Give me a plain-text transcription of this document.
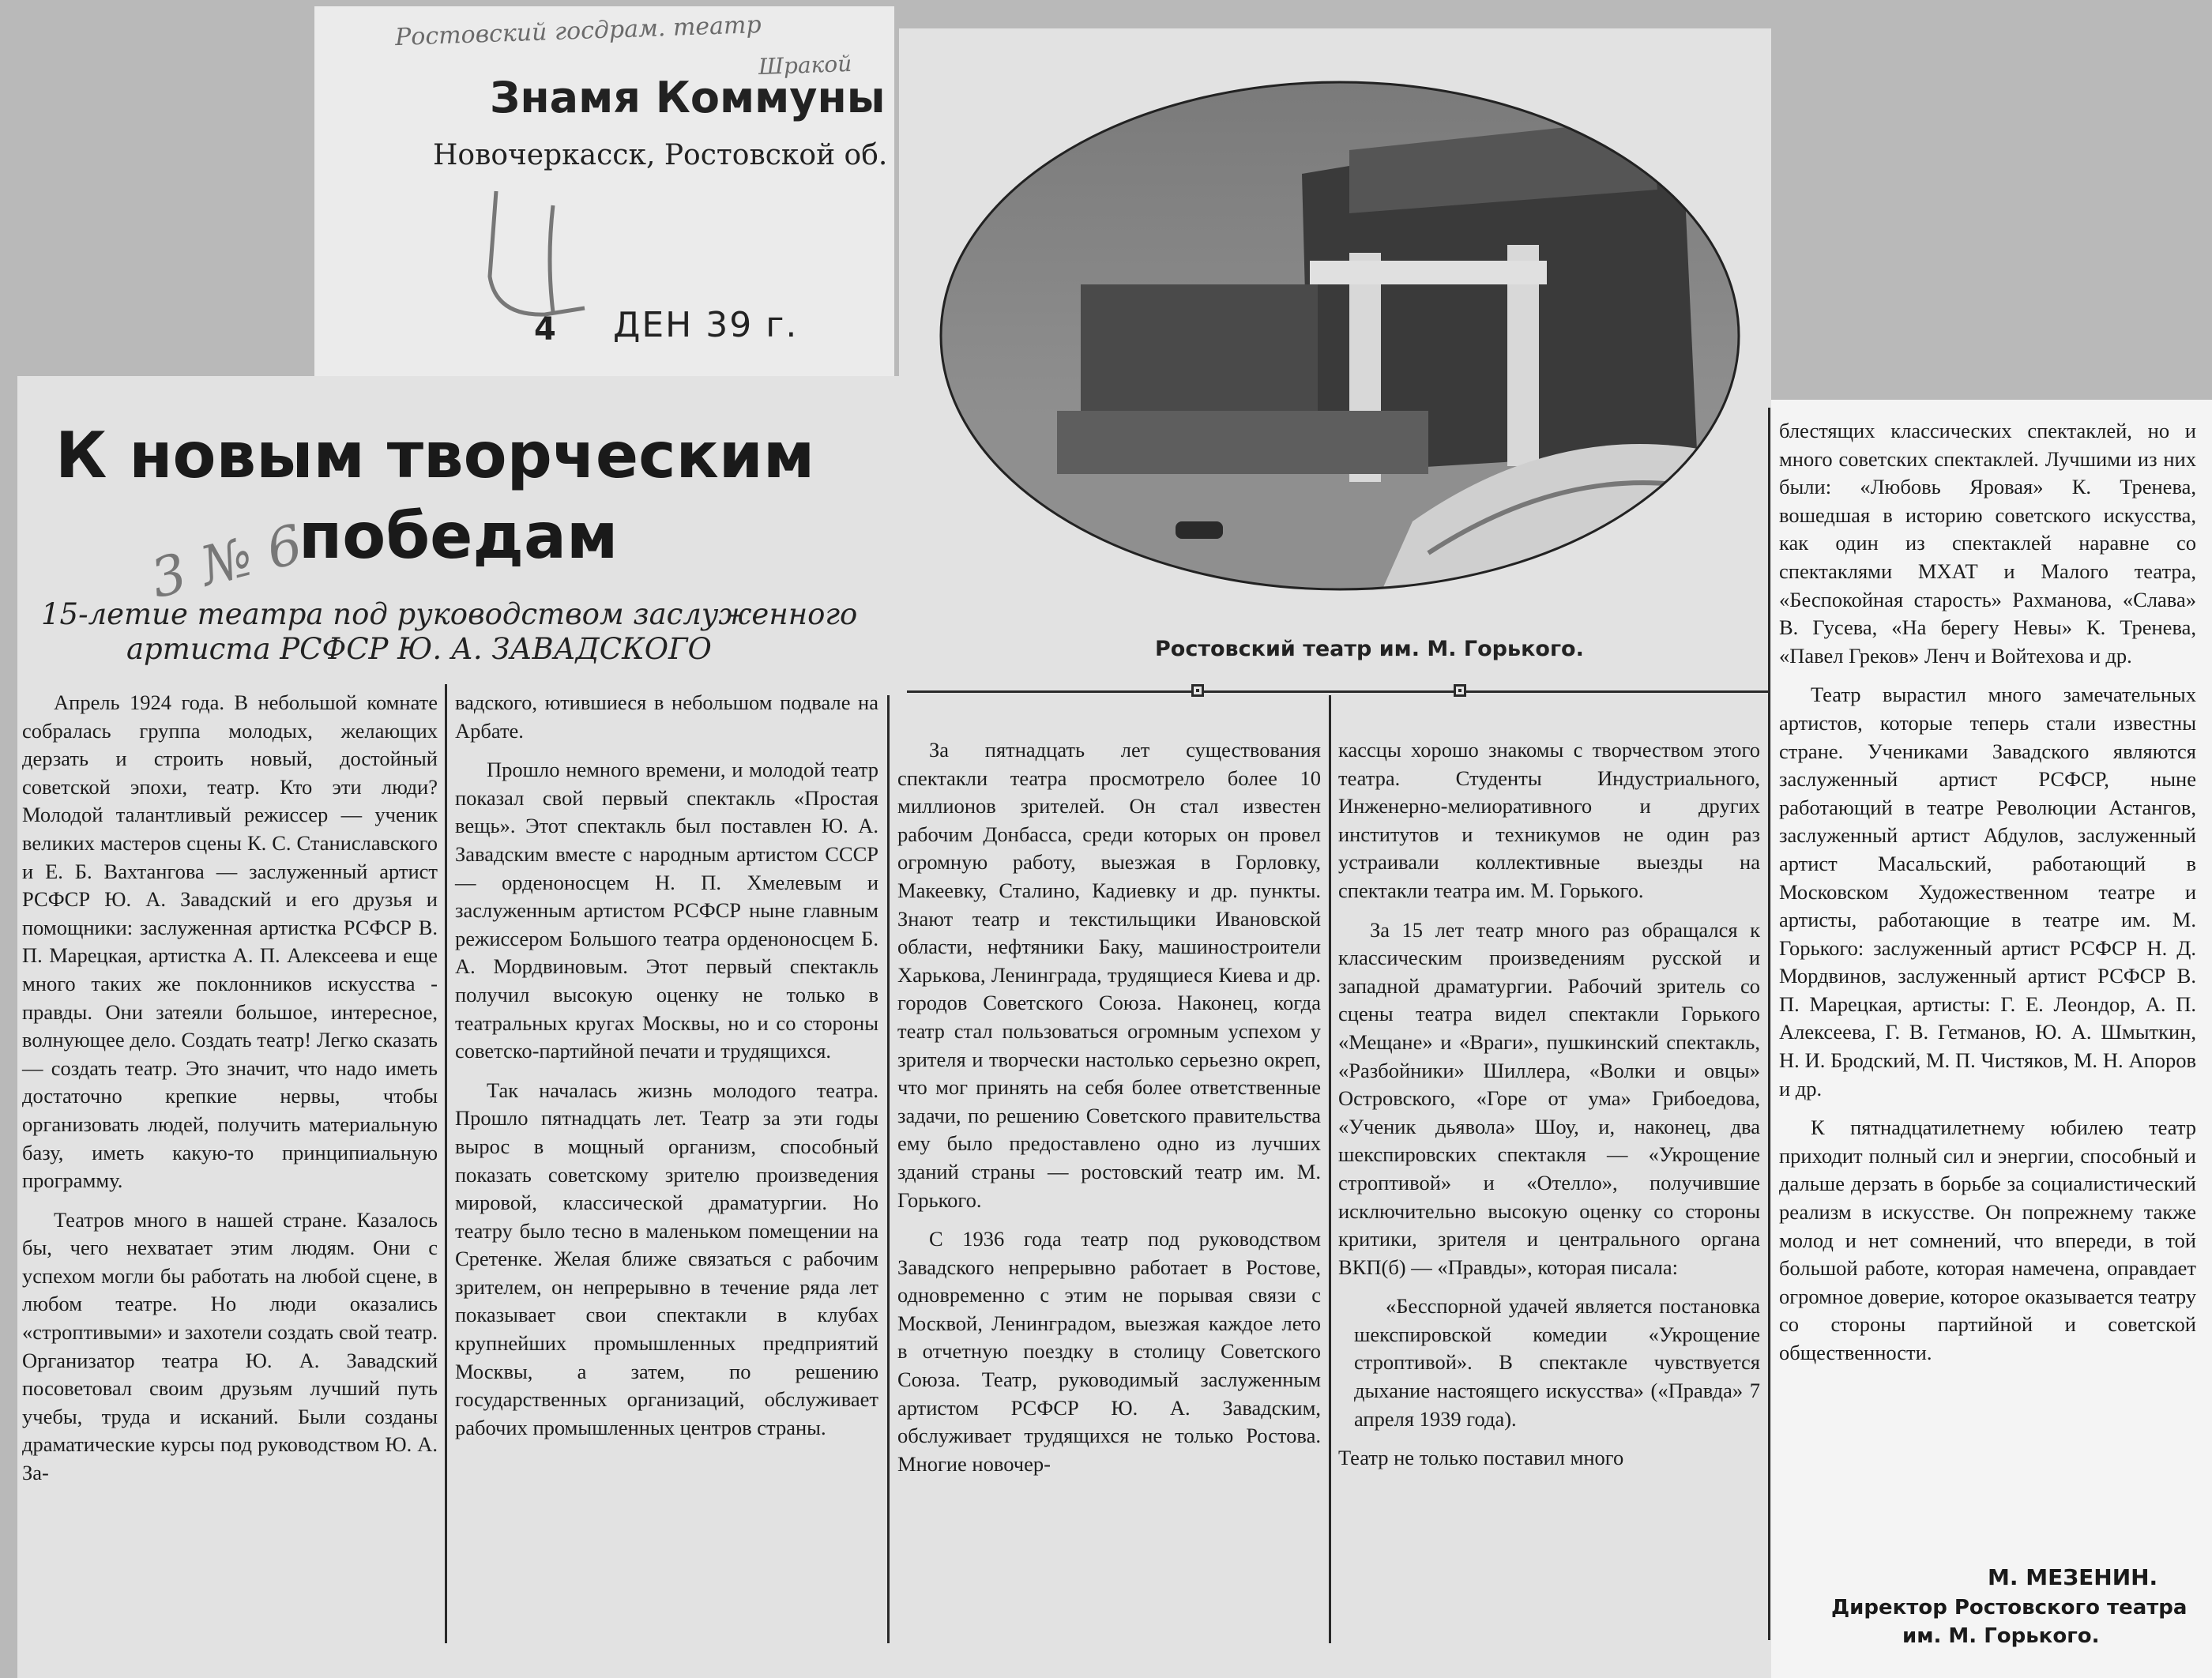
Ростовский госдрам. театр
Шракой
Знамя Коммуны
Новочеркасск, Ростовской об.
4 ДЕН 39 г.
Ростовский театр им. М. Горького.
К новым творческим
победам
3 № 6
15-летие театра под руководством заслуженного
артиста РСФСР Ю. А. ЗАВАДСКОГО

Апрель 1924 года. В небольшой комнате собралась группа молодых, желающих дерзать и строить новый, достойный советской эпохи, театр. Кто эти люди? Молодой талантливый режиссер — ученик великих мастеров сцены К. С. Станиславского и Е. Б. Вахтангова — заслуженный артист РСФСР Ю. А. Завадский и его друзья и помощники: заслуженная артистка РСФСР В. П. Марецкая, артистка А. П. Алексеева и еще много таких же поклонников искусства - правды. Они затеяли большое, интересное, волнующее дело. Создать театр! Легко сказать — создать театр. Это значит, что надо иметь достаточно крепкие нервы, чтобы организовать людей, получить материальную базу, иметь какую-то принципиальную программу.

Театров много в нашей стране. Казалось бы, чего нехватает этим людям. Они с успехом могли бы работать на любой сцене, в любом театре. Но люди оказались «строптивыми» и захотели создать свой театр. Организатор театра Ю. А. Завадский посоветовал своим друзьям лучший путь учебы, труда и исканий. Были созданы драматические курсы под руководством Ю. А. За-

вадского, ютившиеся в небольшом подвале на Арбате.

Прошло немного времени, и молодой театр показал свой первый спектакль «Простая вещь». Этот спектакль был поставлен Ю. А. Завадским вместе с народным артистом СССР — орденоносцем Н. П. Хмелевым и заслуженным артистом РСФСР ныне главным режиссером Большого театра орденоносцем Б. А. Мордвиновым. Этот первый спектакль получил высокую оценку не только в театральных кругах Москвы, но и со стороны советско-партийной печати и трудящихся.

Так началась жизнь молодого театра. Прошло пятнадцать лет. Театр за эти годы вырос в мощный организм, способный показать советскому зрителю произведения мировой, классической драматургии. Но театру было тесно в маленьком помещении на Сретенке. Желая ближе связаться с рабочим зрителем, он непрерывно в течение ряда лет показывает свои спектакли в клубах крупнейших промышленных предприятий Москвы, а затем, по решению государственных организаций, обслуживает рабочих промышленных центров страны.

За пятнадцать лет существования спектакли театра просмотрело более 10 миллионов зрителей. Он стал известен рабочим Донбасса, среди которых он провел огромную работу, выезжая в Горловку, Макеевку, Сталино, Кадиевку и др. пункты. Знают театр и текстильщики Ивановской области, нефтяники Баку, машиностроители Харькова, Ленинграда, трудящиеся Киева и др. городов Советского Союза. Наконец, когда театр стал пользоваться огромным успехом у зрителя и творчески настолько серьезно окреп, что мог принять на себя более ответственные задачи, по решению Советского правительства ему было предоставлено одно из лучших зданий страны — ростовский театр им. М. Горького.

С 1936 года театр под руководством Завадского непрерывно работает в Ростове, одновременно с этим не порывая связи с Москвой, Ленинградом, выезжая каждое лето в отчетную поездку в столицу Советского Союза. Театр, руководимый заслуженным артистом РСФСР Ю. А. Завадским, обслуживает трудящихся не только Ростова. Многие новочер-

кассцы хорошо знакомы с творчеством этого театра. Студенты Индустриального, Инженерно-мелиоративного и других институтов и техникумов не один раз устраивали коллективные выезды на спектакли театра им. М. Горького.

За 15 лет театр много раз обращался к классическим произведениям русской и западной драматургии. Рабочий зритель со сцены театра видел спектакли Горького «Мещане» и «Враги», пушкинский спектакль, «Разбойники» Шиллера, «Волки и овцы» Островского, «Горе от ума» Грибоедова, «Ученик дьявола» Шоу, и, наконец, два шекспировских спектакля — «Укрощение строптивой» и «Отелло», получившие исключительно высокую оценку со стороны критики, зрителя и центрального органа ВКП(б) — «Правды», которая писала:

«Бесспорной удачей является постановка шекспировской комедии «Укрощение строптивой». В спектакле чувствуется дыхание настоящего искусства» («Правда» 7 апреля 1939 года).

Театр не только поставил много

блестящих классических спектаклей, но и много советских спектаклей. Лучшими из них были: «Любовь Яровая» К. Тренева, вошедшая в историю советского искусства, как один из спектаклей наравне со спектаклями МХАТ и Малого театра, «Беспокойная старость» Рахманова, «Слава» В. Гусева, «На берегу Невы» К. Тренева, «Павел Греков» Ленч и Войтехова и др.

Театр вырастил много замечательных артистов, которые теперь стали известны стране. Учениками Завадского являются заслуженный артист РСФСР, ныне работающий в театре Революции Астангов, заслуженный артист Абдулов, заслуженный артист Масальский, работающий в Московском Художественном театре и артисты, работающие в театре им. М. Горького: заслуженный артист РСФСР Н. Д. Мордвинов, заслуженный артист РСФСР В. П. Марецкая, артисты: Г. Е. Леондор, А. П. Алексеева, Г. В. Гетманов, Ю. А. Шмыткин, Н. И. Бродский, М. П. Чистяков, М. Н. Апоров и др.

К пятнадцатилетнему юбилею театр приходит полный сил и энергии, способный и дальше дерзать в борьбе за социалистический реализм в искусстве. Он попрежнему также молод и нет сомнений, что впереди, в той большой работе, которая намечена, оправдает огромное доверие, которое оказывается театру со стороны партийной и советской общественности.

М. МЕЗЕНИН.
Директор Ростовского театра
им. М. Горького.
